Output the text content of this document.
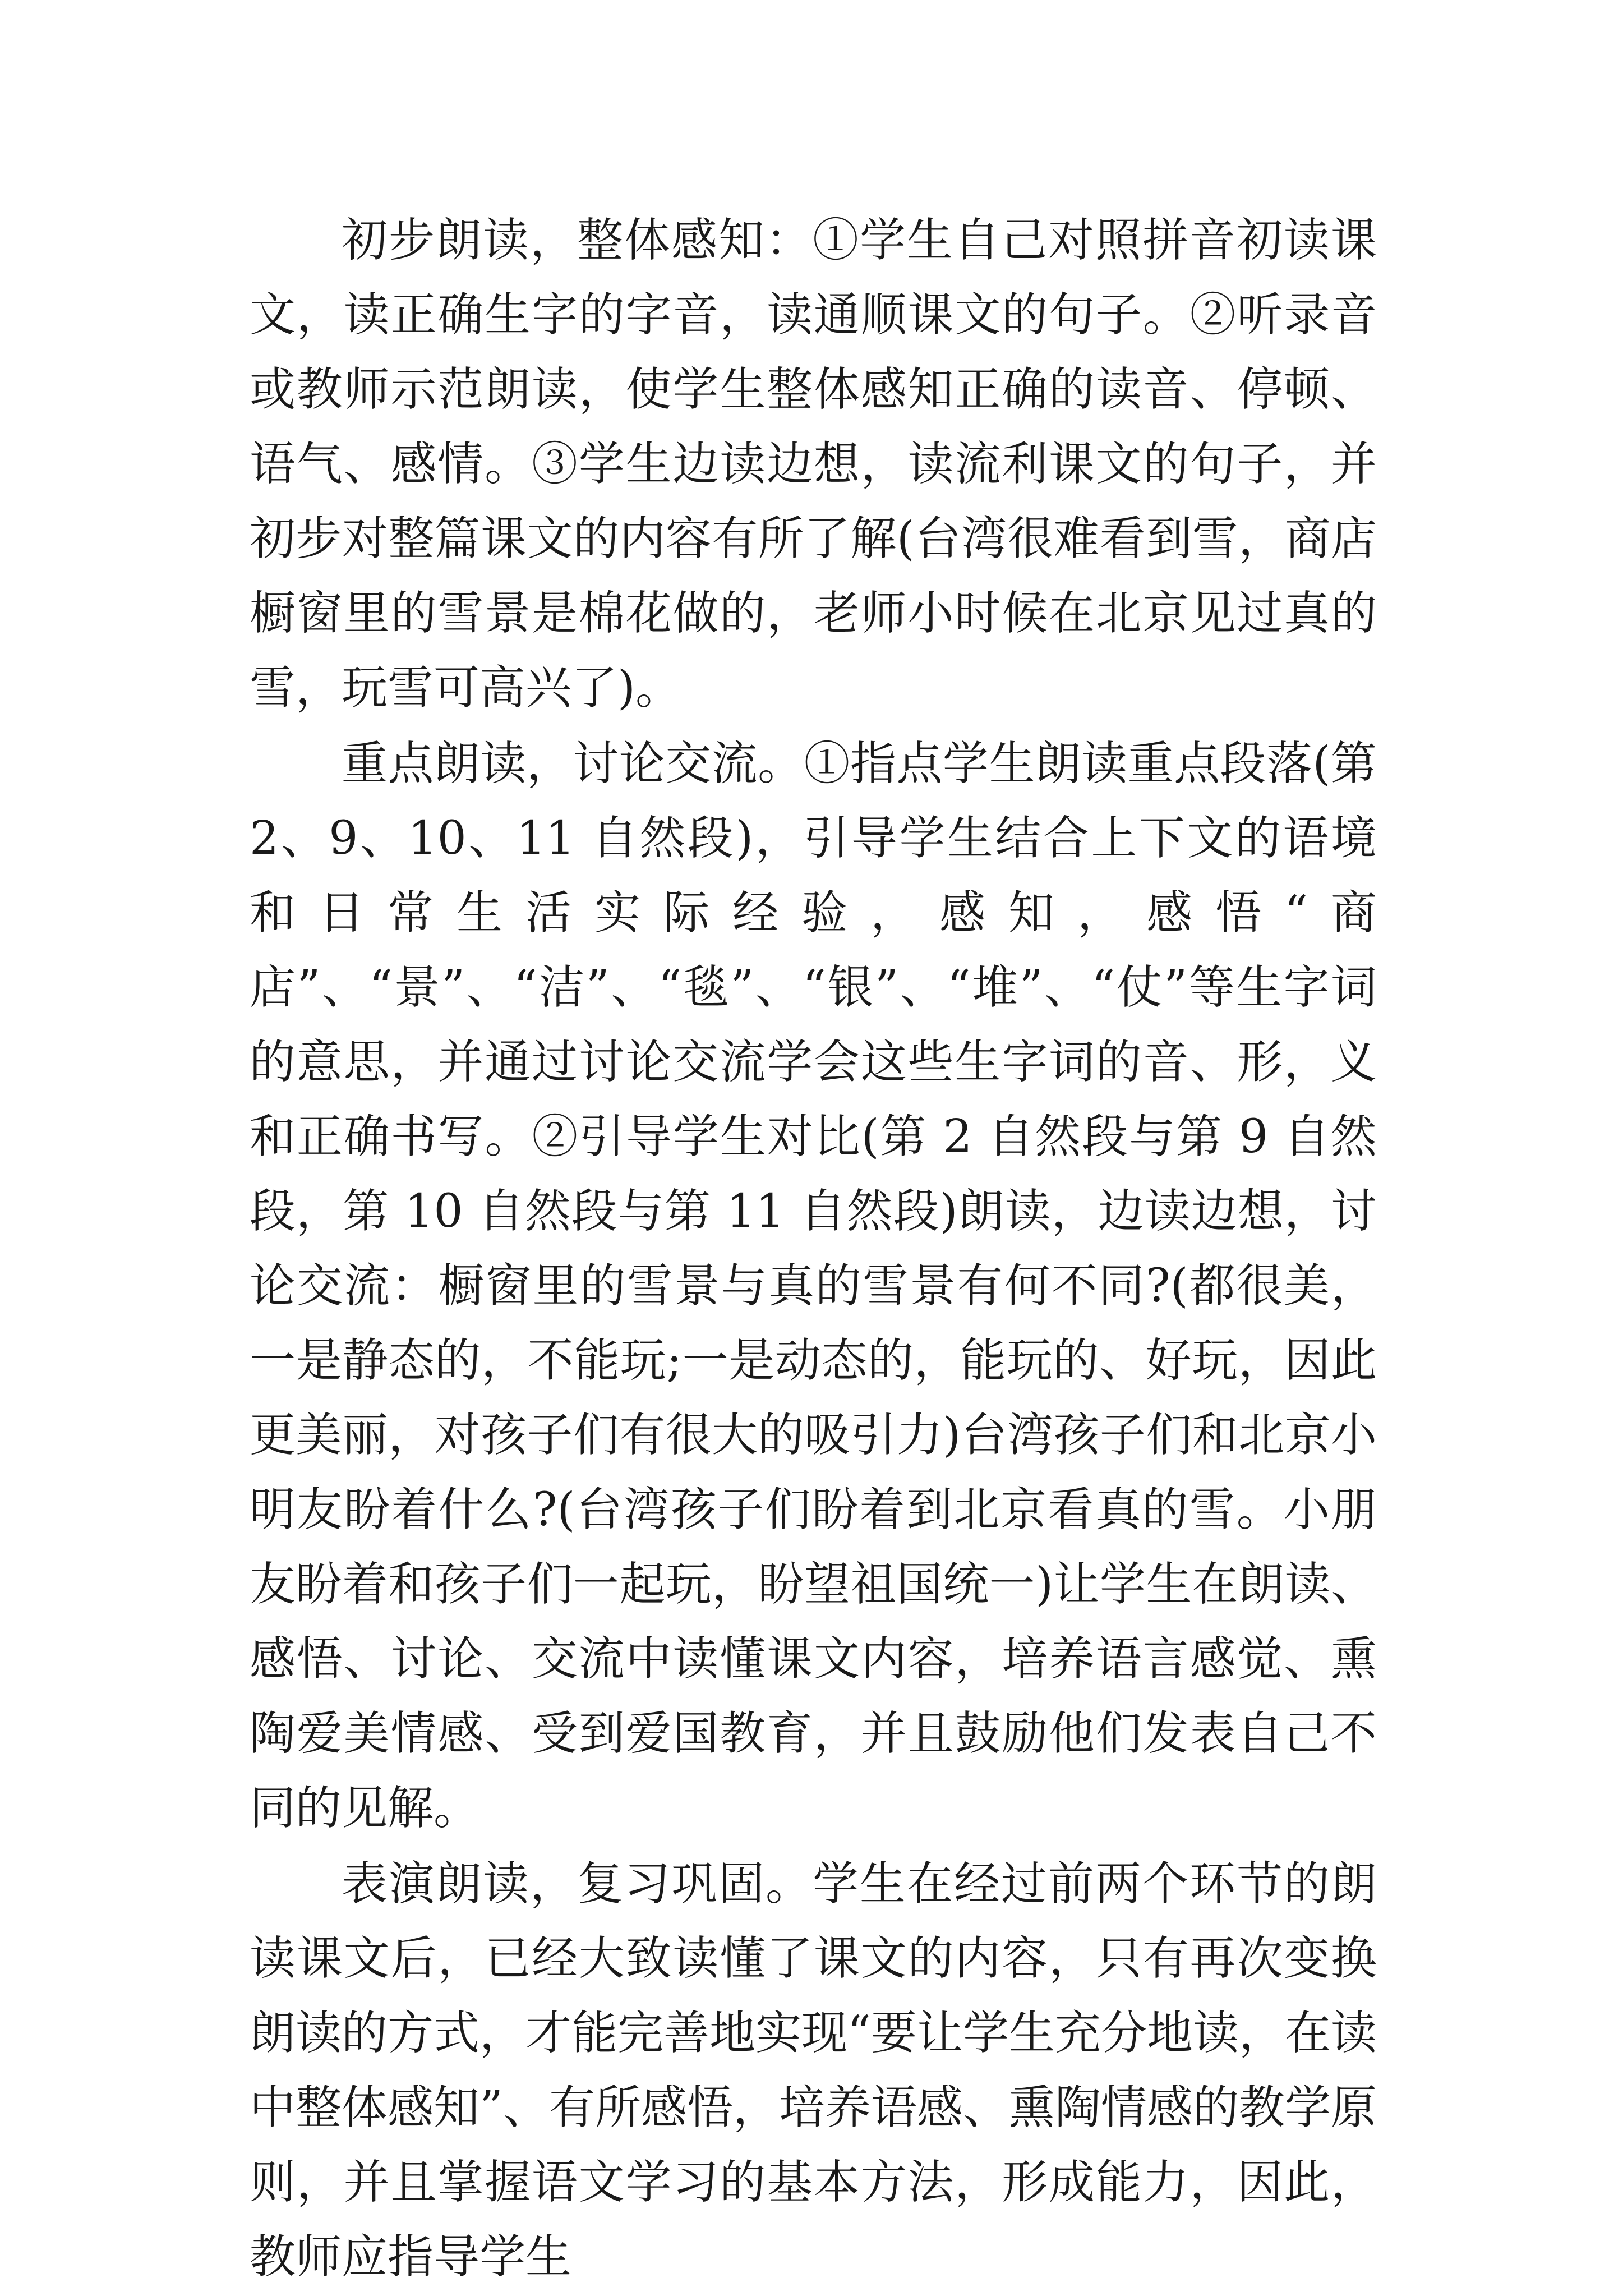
初步朗读，整体感知：①学生自己对照拼音初读课文，读正确生字的字音，读通顺课文的句子。②听录音或教师示范朗读，使学生整体感知正确的读音、停顿、语气、感情。③学生边读边想，读流利课文的句子，并初步对整篇课文的内容有所了解(台湾很难看到雪，商店橱窗里的雪景是棉花做的，老师小时候在北京见过真的雪，玩雪可高兴了)。

重点朗读，讨论交流。①指点学生朗读重点段落(第 2、9、10、11 自然段)，引导学生结合上下文的语境和日常生活实际经验，感知，感悟“商店”、“景”、“洁”、“毯”、“银”、“堆”、“仗”等生字词的意思，并通过讨论交流学会这些生字词的音、形，义和正确书写。②引导学生对比(第 2 自然段与第 9 自然段，第 10 自然段与第 11 自然段)朗读，边读边想，讨论交流：橱窗里的雪景与真的雪景有何不同?(都很美，一是静态的，不能玩;一是动态的，能玩的、好玩，因此更美丽，对孩子们有很大的吸引力)台湾孩子们和北京小明友盼着什么?(台湾孩子们盼着到北京看真的雪。小朋友盼着和孩子们一起玩，盼望祖国统一)让学生在朗读、感悟、讨论、交流中读懂课文内容，培养语言感觉、熏陶爱美情感、受到爱国教育，并且鼓励他们发表自己不同的见解。

表演朗读，复习巩固。学生在经过前两个环节的朗读课文后，已经大致读懂了课文的内容，只有再次变换朗读的方式，才能完善地实现“要让学生充分地读，在读中整体感知”、有所感悟，培养语感、熏陶情感的教学原则，并且掌握语文学习的基本方法，形成能力，因此，教师应指导学生
